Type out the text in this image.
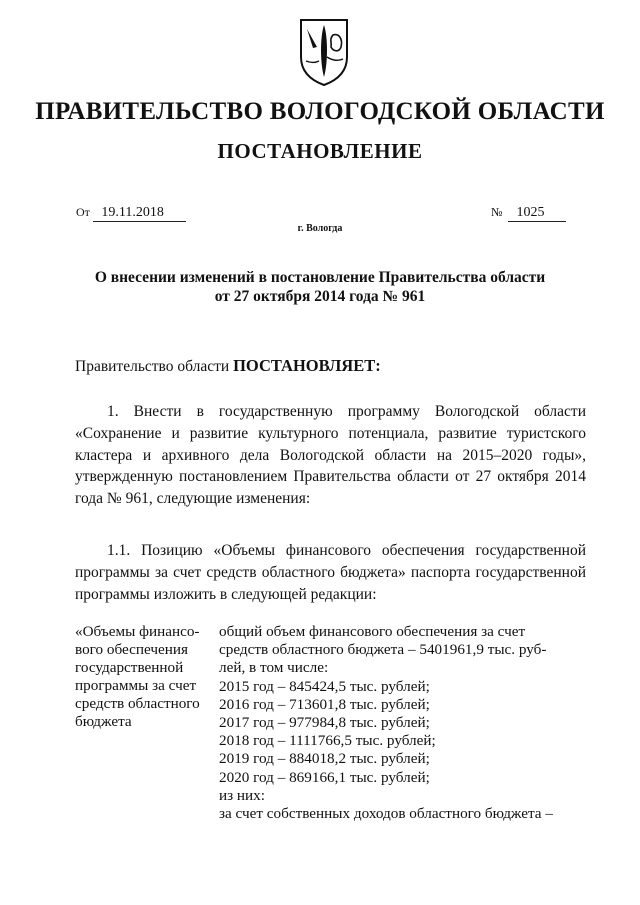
ПРАВИТЕЛЬСТВО ВОЛОГОДСКОЙ ОБЛАСТИ
ПОСТАНОВЛЕНИЕ
От 19.11.2018	№ 1025
г. Вологда
О внесении изменений в постановление Правительства области
от 27 октября 2014 года № 961
Правительство области ПОСТАНОВЛЯЕТ:

1. Внести в государственную программу Вологодской области «Сохранение и развитие культурного потенциала, развитие туристского кластера и архивного дела Вологодской области на 2015–2020 годы», утвержденную постановлением Правительства области от 27 октября 2014 года № 961, следующие изменения:

1.1. Позицию «Объемы финансового обеспечения государственной программы за счет средств областного бюджета» паспорта государственной программы изложить в следующей редакции:

«Объемы финансо-
вого обеспечения
государственной
программы за счет
средств областного
бюджета
общий объем финансового обеспечения за счет
средств областного бюджета – 5401961,9 тыс. руб-
лей, в том числе:
2015 год – 845424,5 тыс. рублей;
2016 год – 713601,8 тыс. рублей;
2017 год – 977984,8 тыс. рублей;
2018 год – 1111766,5 тыс. рублей;
2019 год – 884018,2 тыс. рублей;
2020 год – 869166,1 тыс. рублей;
из них:
за счет собственных доходов областного бюджета –
